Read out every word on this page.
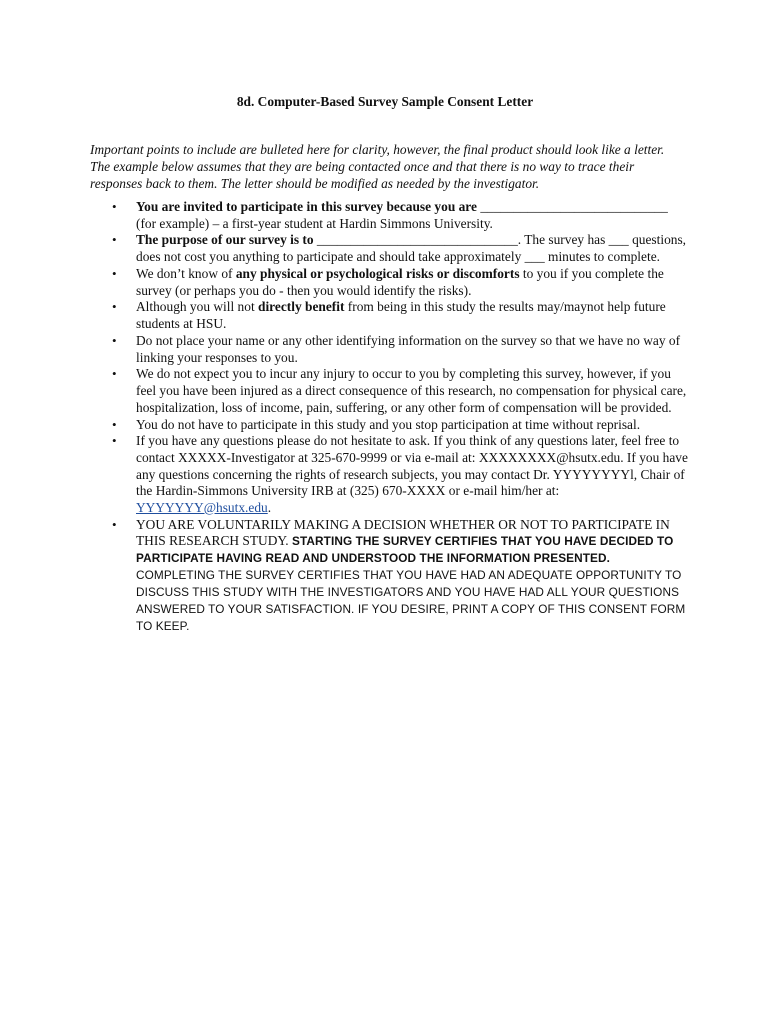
8d. Computer-Based Survey Sample Consent Letter
Important points to include are bulleted here for clarity, however, the final product should look like a letter. The example below assumes that they are being contacted once and that there is no way to trace their responses back to them. The letter should be modified as needed by the investigator.
• You are invited to participate in this survey because you are ____________________________ (for example) – a first-year student at Hardin Simmons University.
• The purpose of our survey is to ______________________________. The survey has ___ questions, does not cost you anything to participate and should take approximately ___ minutes to complete.
• We don’t know of any physical or psychological risks or discomforts to you if you complete the survey (or perhaps you do - then you would identify the risks).
• Although you will not directly benefit from being in this study the results may/maynot help future students at HSU.
• Do not place your name or any other identifying information on the survey so that we have no way of linking your responses to you.
• We do not expect you to incur any injury to occur to you by completing this survey, however, if you feel you have been injured as a direct consequence of this research, no compensation for physical care, hospitalization, loss of income, pain, suffering, or any other form of compensation will be provided.
• You do not have to participate in this study and you stop participation at time without reprisal.
• If you have any questions please do not hesitate to ask. If you think of any questions later, feel free to contact XXXXX-Investigator at 325-670-9999 or via e-mail at: XXXXXXXX@hsutx.edu. If you have any questions concerning the rights of research subjects, you may contact Dr. YYYYYYYYl, Chair of the Hardin-Simmons University IRB at (325) 670-XXXX or e-mail him/her at: YYYYYYY@hsutx.edu.
• YOU ARE VOLUNTARILY MAKING A DECISION WHETHER OR NOT TO PARTICIPATE IN THIS RESEARCH STUDY. STARTING THE SURVEY CERTIFIES THAT YOU HAVE DECIDED TO PARTICIPATE HAVING READ AND UNDERSTOOD THE INFORMATION PRESENTED. COMPLETING THE SURVEY CERTIFIES THAT YOU HAVE HAD AN ADEQUATE OPPORTUNITY TO DISCUSS THIS STUDY WITH THE INVESTIGATORS AND YOU HAVE HAD ALL YOUR QUESTIONS ANSWERED TO YOUR SATISFACTION. IF YOU DESIRE, PRINT A COPY OF THIS CONSENT FORM TO KEEP.
